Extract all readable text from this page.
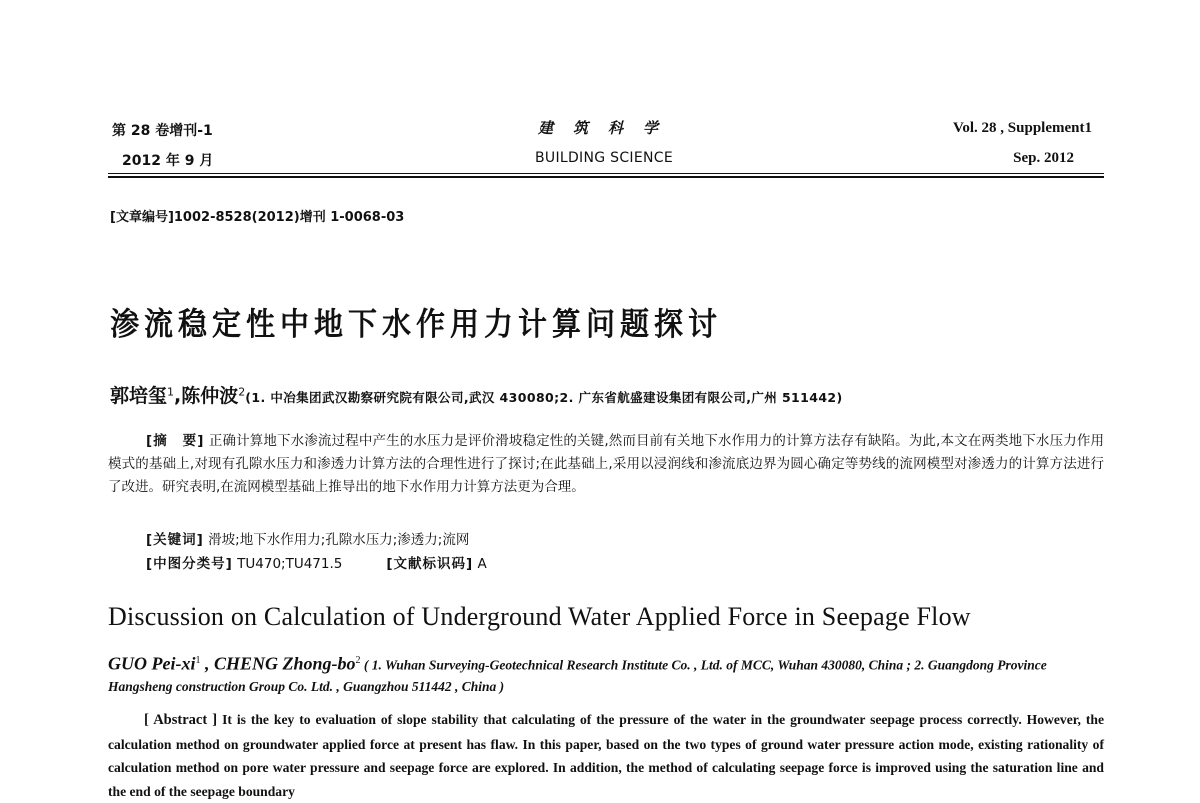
第 28 卷增刊-1
2012 年 9 月
建筑科学
BUILDING SCIENCE
Vol. 28 , Supplement1
Sep. 2012
[文章编号]1002-8528(2012)增刊 1-0068-03
渗流稳定性中地下水作用力计算问题探讨
郭培玺$^1$,陈仲波$^2$(1. 中冶集团武汉勘察研究院有限公司,武汉 430080;2. 广东省航盛建设集团有限公司,广州 511442)
[摘　要] 正确计算地下水渗流过程中产生的水压力是评价滑坡稳定性的关键,然而目前有关地下水作用力的计算方法存有缺陷。为此,本文在两类地下水压力作用模式的基础上,对现有孔隙水压力和渗透力计算方法的合理性进行了探讨;在此基础上,采用以浸润线和渗流底边界为圆心确定等势线的流网模型对渗透力的计算方法进行了改进。研究表明,在流网模型基础上推导出的地下水作用力计算方法更为合理。
[关键词] 滑坡;地下水作用力;孔隙水压力;渗透力;流网
[中图分类号] TU470;TU471.5	[文献标识码] A
Discussion on Calculation of Underground Water Applied Force in Seepage Flow
GUO Pei-$xi^1$ , CHENG Zhong-$bo^2$ ( 1. Wuhan Surveying-Geotechnical Research Institute Co. , Ltd. of MCC, Wuhan 430080, China ; 2. Guangdong Province Hangsheng construction Group Co. Ltd. , Guangzhou 511442 , China )
[ Abstract ] It is the key to evaluation of slope stability that calculating of the pressure of the water in the groundwater seepage process correctly. However, the calculation method on groundwater applied force at present has flaw. In this paper, based on the two types of ground water pressure action mode, existing rationality of calculation method on pore water pressure and seepage force are explored. In addition, the method of calculating seepage force is improved using the saturation line and the end of the seepage boundary
